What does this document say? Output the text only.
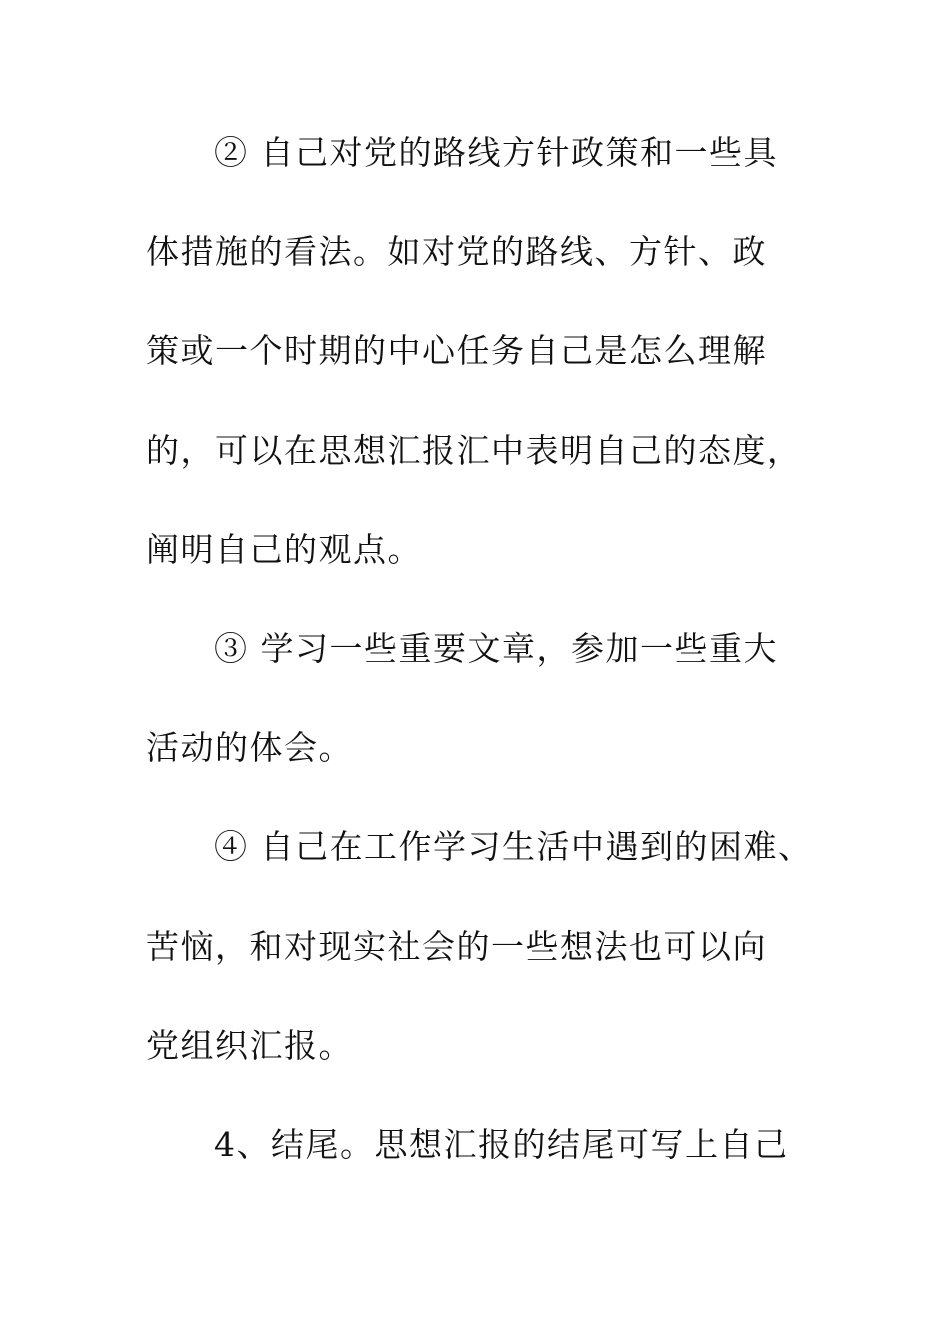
② 自己对党的路线方针政策和一些具
体措施的看法。如对党的路线、方针、政
策或一个时期的中心任务自己是怎么理解
的，可以在思想汇报汇中表明自己的态度，
阐明自己的观点。
③ 学习一些重要文章，参加一些重大
活动的体会。
④ 自己在工作学习生活中遇到的困难、
苦恼，和对现实社会的一些想法也可以向
党组织汇报。
4、结尾。思想汇报的结尾可写上自己
